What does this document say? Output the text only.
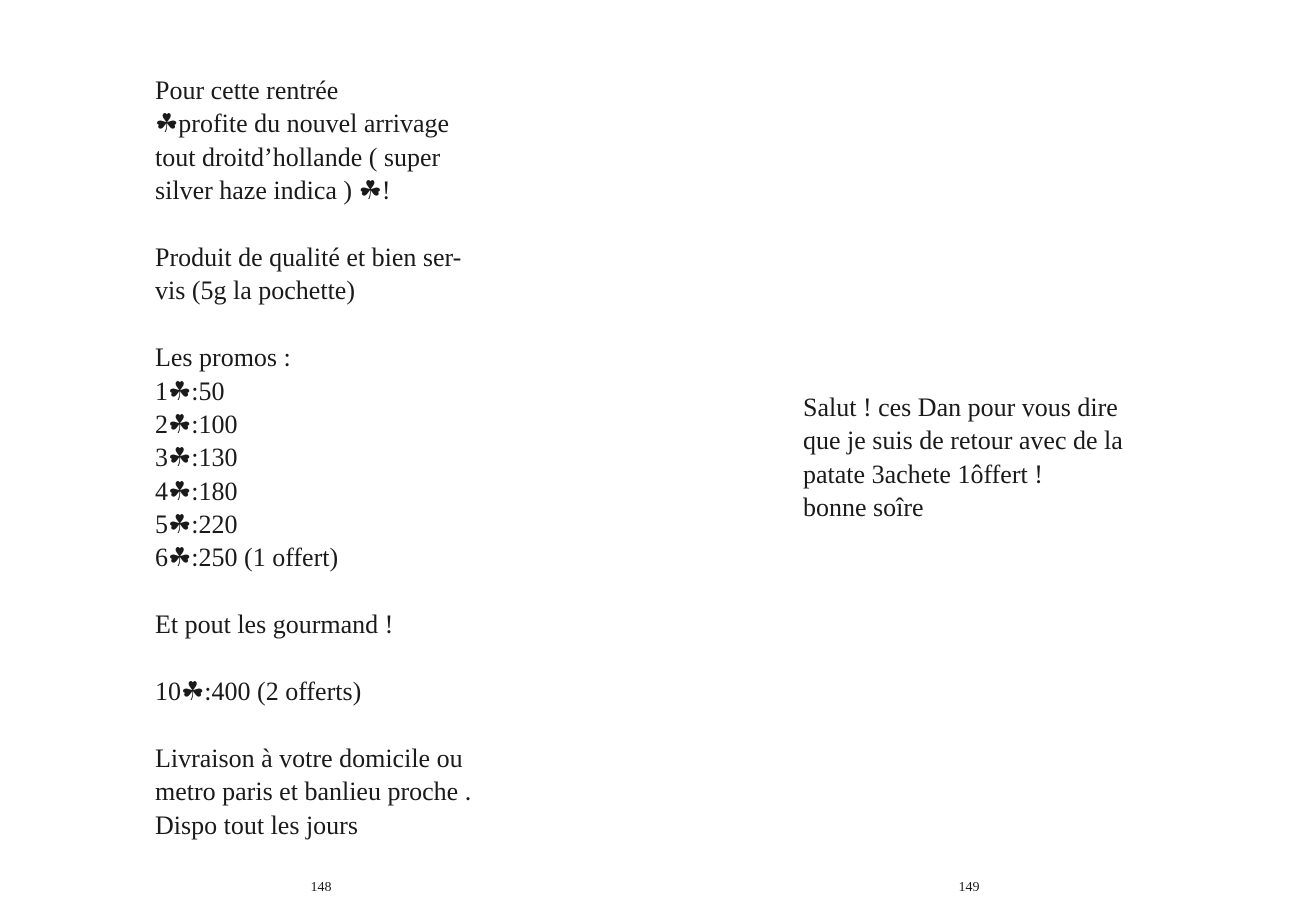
Pour cette rentrée
☘profite du nouvel arrivage
tout droitd’hollande ( super
silver haze indica ) ☘!
Produit de qualité et bien ser-
vis (5g la pochette)
Les promos :
1☘:50
2☘:100
3☘:130
4☘:180
5☘:220
6☘:250 (1 offert)
Et pout les gourmand !
10☘:400 (2 offerts)
Livraison à votre domicile ou
metro paris et banlieu proche .
Dispo tout les jours
148
Salut ! ces Dan pour vous dire
que je suis de retour avec de la
patate 3achete 1ôffert !
bonne soîre
149
